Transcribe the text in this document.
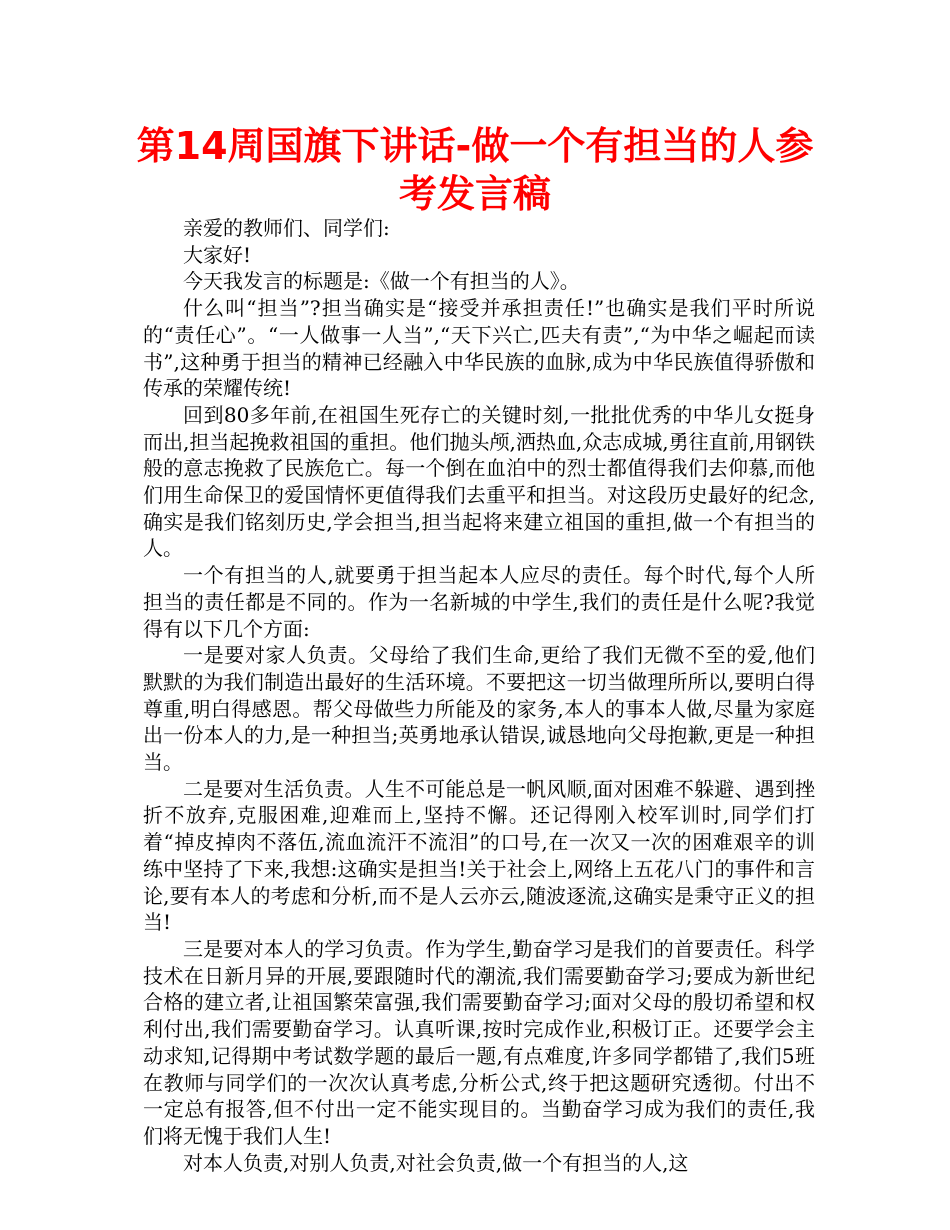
第14周国旗下讲话-做一个有担当的人参考发言稿

亲爱的教师们、同学们:

大家好!

今天我发言的标题是:《做一个有担当的人》。

什么叫“担当”?担当确实是“接受并承担责任!”也确实是我们平时所说的“责任心”。“一人做事一人当”,“天下兴亡,匹夫有责”,“为中华之崛起而读书”,这种勇于担当的精神已经融入中华民族的血脉,成为中华民族值得骄傲和传承的荣耀传统!

回到80多年前,在祖国生死存亡的关键时刻,一批批优秀的中华儿女挺身而出,担当起挽救祖国的重担。他们抛头颅,洒热血,众志成城,勇往直前,用钢铁般的意志挽救了民族危亡。每一个倒在血泊中的烈士都值得我们去仰慕,而他们用生命保卫的爱国情怀更值得我们去重平和担当。对这段历史最好的纪念,确实是我们铭刻历史,学会担当,担当起将来建立祖国的重担,做一个有担当的人。

一个有担当的人,就要勇于担当起本人应尽的责任。每个时代,每个人所担当的责任都是不同的。作为一名新城的中学生,我们的责任是什么呢?我觉得有以下几个方面:

一是要对家人负责。父母给了我们生命,更给了我们无微不至的爱,他们默默的为我们制造出最好的生活环境。不要把这一切当做理所所以,要明白得尊重,明白得感恩。帮父母做些力所能及的家务,本人的事本人做,尽量为家庭出一份本人的力,是一种担当;英勇地承认错误,诚恳地向父母抱歉,更是一种担当。

二是要对生活负责。人生不可能总是一帆风顺,面对困难不躲避、遇到挫折不放弃,克服困难,迎难而上,坚持不懈。还记得刚入校军训时,同学们打着“掉皮掉肉不落伍,流血流汗不流泪”的口号,在一次又一次的困难艰辛的训练中坚持了下来,我想:这确实是担当!关于社会上,网络上五花八门的事件和言论,要有本人的考虑和分析,而不是人云亦云,随波逐流,这确实是秉守正义的担当!

三是要对本人的学习负责。作为学生,勤奋学习是我们的首要责任。科学技术在日新月异的开展,要跟随时代的潮流,我们需要勤奋学习;要成为新世纪合格的建立者,让祖国繁荣富强,我们需要勤奋学习;面对父母的殷切希望和权利付出,我们需要勤奋学习。认真听课,按时完成作业,积极订正。还要学会主动求知,记得期中考试数学题的最后一题,有点难度,许多同学都错了,我们5班在教师与同学们的一次次认真考虑,分析公式,终于把这题研究透彻。付出不一定总有报答,但不付出一定不能实现目的。当勤奋学习成为我们的责任,我们将无愧于我们人生!

对本人负责,对别人负责,对社会负责,做一个有担当的人,这
